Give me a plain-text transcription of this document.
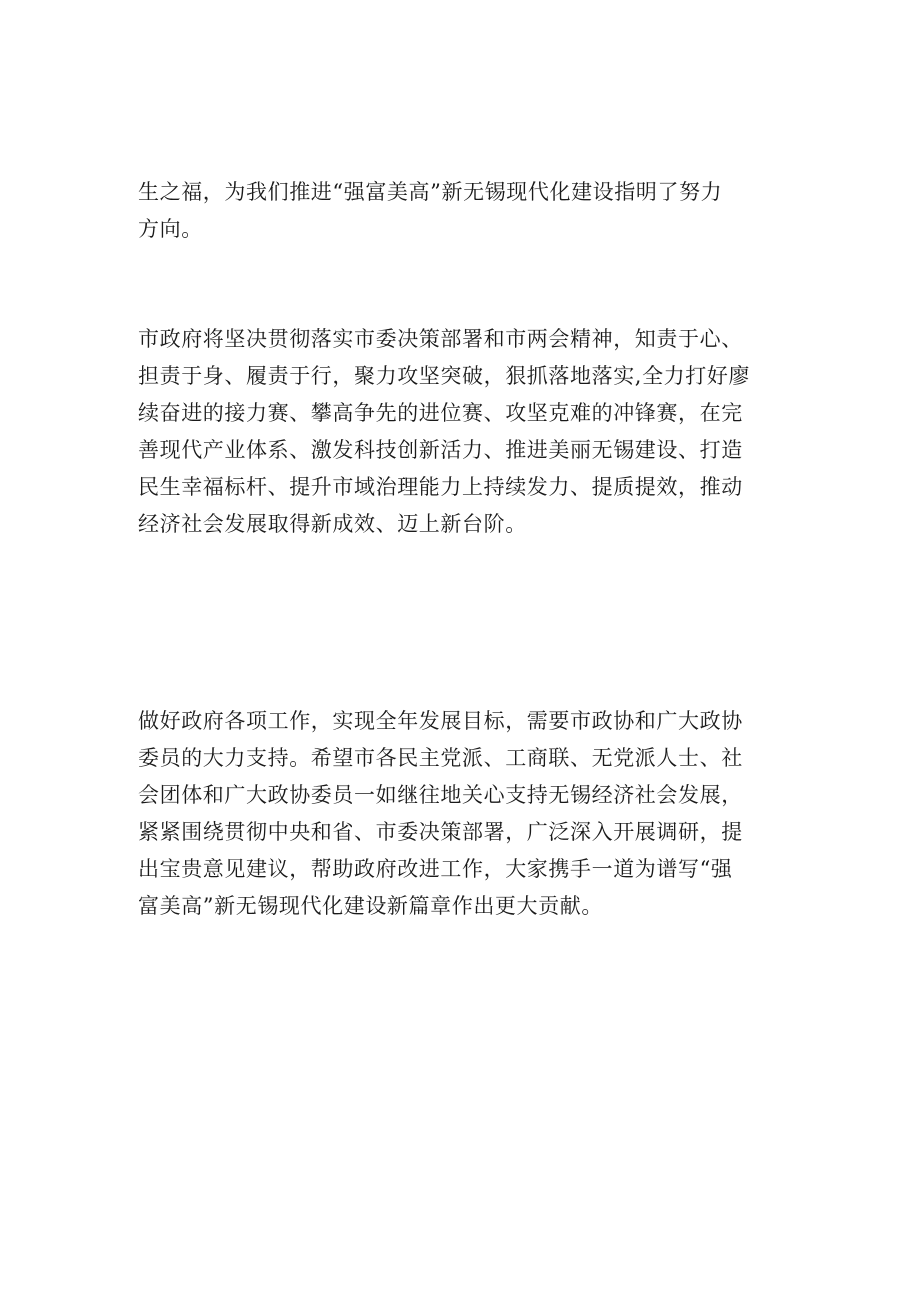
生之福，为我们推进“强富美高”新无锡现代化建设指明了努力
方向。

市政府将坚决贯彻落实市委决策部署和市两会精神，知责于心、
担责于身、履责于行，聚力攻坚突破，狠抓落地落实,全力打好廖
续奋进的接力赛、攀高争先的进位赛、攻坚克难的冲锋赛，在完
善现代产业体系、激发科技创新活力、推进美丽无锡建设、打造
民生幸福标杆、提升市域治理能力上持续发力、提质提效，推动
经济社会发展取得新成效、迈上新台阶。

做好政府各项工作，实现全年发展目标，需要市政协和广大政协
委员的大力支持。希望市各民主党派、工商联、无党派人士、社
会团体和广大政协委员一如继往地关心支持无锡经济社会发展，
紧紧围绕贯彻中央和省、市委决策部署，广泛深入开展调研，提
出宝贵意见建议，帮助政府改进工作，大家携手一道为谱写“强
富美高”新无锡现代化建设新篇章作出更大贡献。
